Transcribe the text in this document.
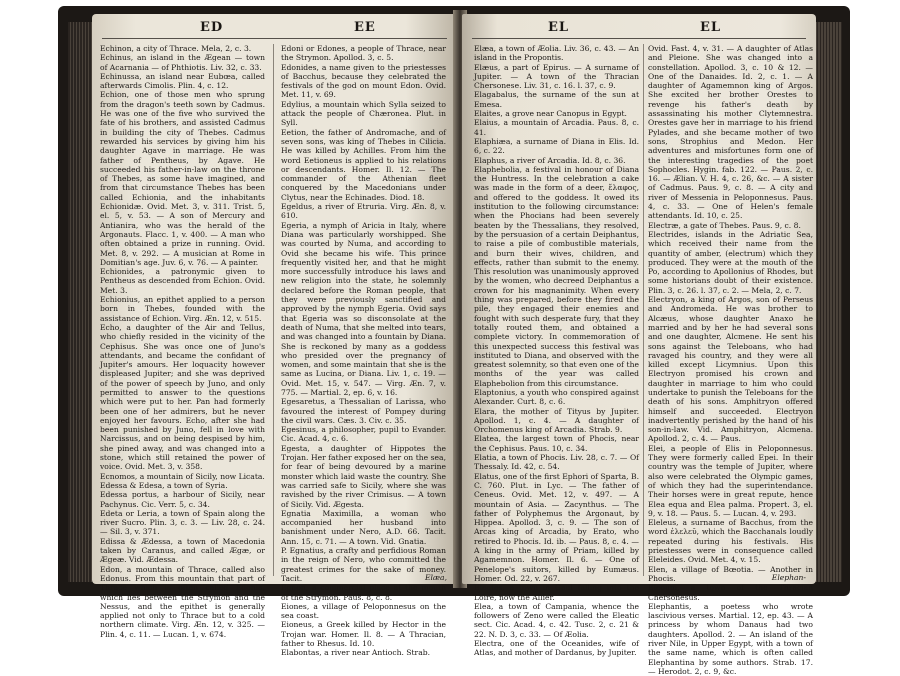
ED	EE
Echinon, a city of Thrace. Mela, 2, c. 3.
Echinus, an island in the Ægean — town of Acarnania — of Phthiotis. Liv. 32, c. 33.
Echinussa, an island near Eubœa, called afterwards Cimolis. Plin. 4, c. 12.
Echion, one of those men who sprung from the dragon's teeth sown by Cadmus. He was one of the five who survived the fate of his brothers, and assisted Cadmus in building the city of Thebes. Cadmus rewarded his services by giving him his daughter Agave in marriage. He was father of Pentheus, by Agave. He succeeded his father-in-law on the throne of Thebes, as some have imagined, and from that circumstance Thebes has been called Echionia, and the inhabitants Echionidæ. Ovid. Met. 3, v. 311. Trist. 5, el. 5, v. 53. — A son of Mercury and Antianira, who was the herald of the Argonauts. Flacc. 1, v. 400. — A man who often obtained a prize in running. Ovid. Met. 8, v. 292. — A musician at Rome in Domitian's age. Juv. 6, v. 76. — A painter.
Echionides, a patronymic given to Pentheus as descended from Echion. Ovid. Met. 3.
Echionius, an epithet applied to a person born in Thebes, founded with the assistance of Echion. Virg. Æn. 12, v. 515.
Echo, a daughter of the Air and Tellus, who chiefly resided in the vicinity of the Cephisus. She was once one of Juno's attendants, and became the confidant of Jupiter's amours. Her loquacity however displeased Jupiter; and she was deprived of the power of speech by Juno, and only permitted to answer to the questions which were put to her. Pan had formerly been one of her admirers, but he never enjoyed her favours. Echo, after she had been punished by Juno, fell in love with Narcissus, and on being despised by him, she pined away, and was changed into a stone, which still retained the power of voice. Ovid. Met. 3, v. 358.
Ecnomos, a mountain of Sicily, now Licata.
Edessa & Edesa, a town of Syria.
Edessa portus, a harbour of Sicily, near Pachynus. Cic. Verr. 5, c. 34.
Edeta or Leria, a town of Spain along the river Sucro. Plin. 3, c. 3. — Liv. 28, c. 24. — Sil. 3, v. 371.
Edissa & Ædessa, a town of Macedonia taken by Caranus, and called Ægæ, or Ægeæ. Vid. Ædessa.
Edon, a mountain of Thrace, called also Edonus. From this mountain that part of Thrace which is often called Edonia, which lies between the Strymon and the Nessus, and the epithet is generally applied not only to Thrace but to a cold northern climate. Virg. Æn. 12, v. 325. — Plin. 4, c. 11. — Lucan. 1, v. 674.
Edoni or Edones, a people of Thrace, near the Strymon. Apollod. 3, c. 5.
Edonides, a name given to the priestesses of Bacchus, because they celebrated the festivals of the god on mount Edon. Ovid. Met. 11, v. 69.
Edylius, a mountain which Sylla seized to attack the people of Chæronea. Plut. in Syll.
Eetion, the father of Andromache, and of seven sons, was king of Thebes in Cilicia. He was killed by Achilles. From him the word Eetioneus is applied to his relations or descendants. Homer. Il. 12. — The commander of the Athenian fleet conquered by the Macedonians under Clytus, near the Echinades. Diod. 18.
Egeldus, a river of Etruria. Virg. Æn. 8, v. 610.
Egeria, a nymph of Aricia in Italy, where Diana was particularly worshipped. She was courted by Numa, and according to Ovid she became his wife. This prince frequently visited her, and that he might more successfully introduce his laws and new religion into the state, he solemnly declared before the Roman people, that they were previously sanctified and approved by the nymph Egeria. Ovid says that Egeria was so disconsolate at the death of Numa, that she melted into tears, and was changed into a fountain by Diana. She is reckoned by many as a goddess who presided over the pregnancy of women, and some maintain that she is the same as Lucina, or Diana. Liv. 1, c. 19. — Ovid. Met. 15, v. 547. — Virg. Æn. 7, v. 775. — Martial. 2, ep. 6, v. 16.
Egesaretus, a Thessalian of Larissa, who favoured the interest of Pompey during the civil wars. Cæs. 3. Civ. c. 35.
Egesinus, a philosopher, pupil to Evander. Cic. Acad. 4, c. 6.
Egesta, a daughter of Hippotes the Trojan. Her father exposed her on the sea, for fear of being devoured by a marine monster which laid waste the country. She was carried safe to Sicily, where she was ravished by the river Crimisus. — A town of Sicily. Vid. Ægesta.
Egnatia Maximilla, a woman who accompanied her husband into banishment under Nero, A.D. 66. Tacit. Ann. 15, c. 71. — A town. Vid. Gnatia.
P. Egnatius, a crafty and perfidious Roman in the reign of Nero, who committed the greatest crimes for the sake of money. Tacit.
Egnon, a commercial place at the mouth of the Strymon. Paus. 8, c. 8.
Eiones, a village of Peloponnesus on the sea coast.
Eioneus, a Greek killed by Hector in the Trojan war. Homer. Il. 8. — A Thracian, father to Rhesus. Id. 10.
Elabontas, a river near Antioch. Strab.
Elæa,
EL	EL
Elæa, a town of Æolia. Liv. 36, c. 43. — An island in the Propontis.
Elæus, a part of Epirus. — A surname of Jupiter. — A town of the Thracian Chersonese. Liv. 31, c. 16. l. 37, c. 9.
Elagabalus, the surname of the sun at Emesa.
Elaites, a grove near Canopus in Egypt.
Elaius, a mountain of Arcadia. Paus. 8, c. 41.
Elaphiæa, a surname of Diana in Elis. Id. 6, c. 22.
Elaphus, a river of Arcadia. Id. 8, c. 36.
Elaphebolia, a festival in honour of Diana the Huntress. In the celebration a cake was made in the form of a deer, ἔλαφος, and offered to the goddess. It owed its institution to the following circumstance: when the Phocians had been severely beaten by the Thessalians, they resolved, by the persuasion of a certain Deiphantus, to raise a pile of combustible materials, and burn their wives, children, and effects, rather than submit to the enemy. This resolution was unanimously approved by the women, who decreed Deiphantus a crown for his magnanimity. When every thing was prepared, before they fired the pile, they engaged their enemies and fought with such desperate fury, that they totally routed them, and obtained a complete victory. In commemoration of this unexpected success this festival was instituted to Diana, and observed with the greatest solemnity, so that even one of the months of the year was called Elaphebolion from this circumstance.
Elaptonius, a youth who conspired against Alexander. Curt. 8, c. 6.
Elara, the mother of Tityus by Jupiter. Apollod. 1, c. 4. — A daughter of Orchomenus king of Arcadia. Strab. 9.
Elatea, the largest town of Phocis, near the Cephisus. Paus. 10, c. 34.
Elatia, a town of Phocis. Liv. 28, c. 7. — Of Thessaly. Id. 42, c. 54.
Elatus, one of the first Ephori of Sparta, B. C. 760. Plut. in Lyc. — The father of Ceneus. Ovid. Met. 12, v. 497. — A mountain of Asia. — Zacynthus. — The father of Polyphemus the Argonaut, by Hippea. Apollod. 3, c. 9. — The son of Arcas king of Arcadia, by Erato, who retired to Phocis. Id. ib. — Paus. 8, c. 4. — A king in the army of Priam, killed by Agamemnon. Homer. Il. 6. — One of Penelope's suitors, killed by Eumæus. Homer. Od. 22, v. 267.
Eleates, a town in Gaul falling into the Loire, now the Allier.
Elea, a town of Campania, whence the followers of Zeno were called the Eleatic sect. Cic. Acad. 4, c. 42. Tusc. 2, c. 21 & 22. N. D. 3, c. 33. — Of Æolia.
Electra, one of the Oceanides, wife of Atlas, and mother of Dardanus, by Jupiter.
Ovid. Fast. 4, v. 31. — A daughter of Atlas and Pleione. She was changed into a constellation. Apollod. 3, c. 10 & 12. — One of the Danaides. Id. 2, c. 1. — A daughter of Agamemnon king of Argos. She excited her brother Orestes to revenge his father's death by assassinating his mother Clytemnestra. Orestes gave her in marriage to his friend Pylades, and she became mother of two sons, Strophius and Medon. Her adventures and misfortunes form one of the interesting tragedies of the poet Sophocles. Hygin. fab. 122. — Paus. 2, c. 16. — Ælian. V. H. 4, c. 26, &c. — A sister of Cadmus. Paus. 9, c. 8. — A city and river of Messenia in Peloponnesus. Paus. 4, c. 33. — One of Helen's female attendants. Id. 10, c. 25.
Electræ, a gate of Thebes. Paus. 9, c. 8.
Electrides, islands in the Adriatic Sea, which received their name from the quantity of amber, (electrum) which they produced. They were at the mouth of the Po, according to Apollonius of Rhodes, but some historians doubt of their existence. Plin. 3, c. 26. l. 37, c. 2. — Mela, 2, c. 7.
Electryon, a king of Argos, son of Perseus and Andromeda. He was brother to Alcæus, whose daughter Anaxo he married and by her he had several sons and one daughter, Alcmene. He sent his sons against the Teleboans, who had ravaged his country, and they were all killed except Licymnius. Upon this Electryon promised his crown and daughter in marriage to him who could undertake to punish the Teleboans for the death of his sons. Amphitryon offered himself and succeeded. Electryon inadvertently perished by the hand of his son-in-law. Vid. Amphitryon, Alcmena. Apollod. 2, c. 4. — Paus.
Elei, a people of Elis in Peloponnesus. They were formerly called Epei. In their country was the temple of Jupiter, where also were celebrated the Olympic games, of which they had the superintendance. Their horses were in great repute, hence Elea equa and Elea palma. Propert. 3, el. 9, v. 18. — Paus. 5. — Lucan. 4, v. 293.
Eleleus, a surname of Bacchus, from the word ἐλελεῦ, which the Bacchanals loudly repeated during his festivals. His priestesses were in consequence called Eleleides. Ovid. Met. 4, v. 15.
Elen, a village of Bœotia. — Another in Phocis.
Eleoum, a town of the Thracian Chersonesus.
Elephantis, a poetess who wrote lascivious verses. Martial. 12, ep. 43. — A princess by whom Danaus had two daughters. Apollod. 2. — An island of the river Nile, in Upper Egypt, with a town of the same name, which is often called Elephantina by some authors. Strab. 17. — Herodot. 2, c. 9, &c.
Elephan-
